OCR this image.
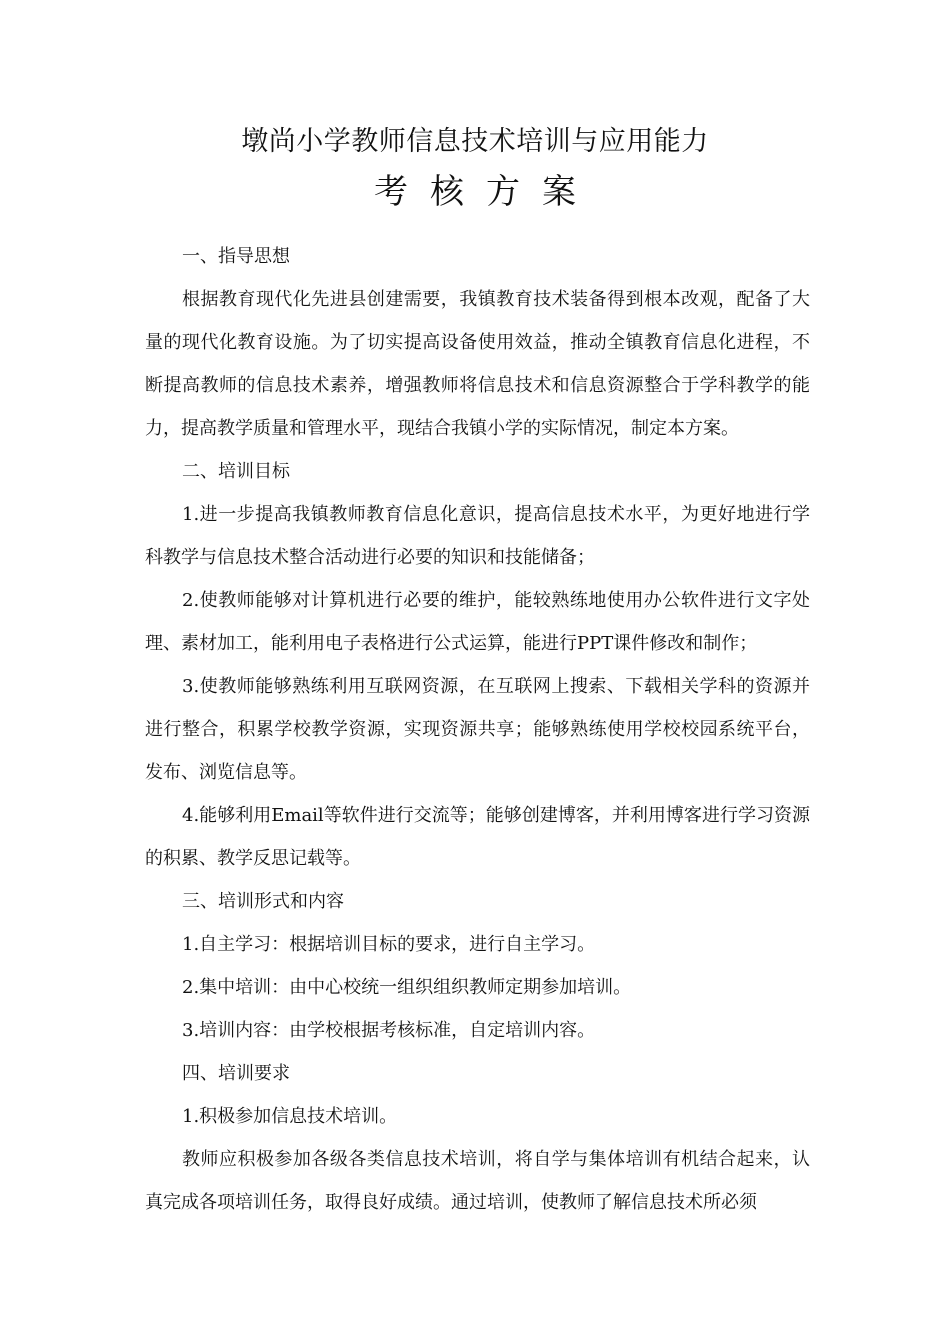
墩尚小学教师信息技术培训与应用能力
考核方案

一、指导思想

根据教育现代化先进县创建需要，我镇教育技术装备得到根本改观，配备了大量的现代化教育设施。为了切实提高设备使用效益，推动全镇教育信息化进程，不断提高教师的信息技术素养，增强教师将信息技术和信息资源整合于学科教学的能力，提高教学质量和管理水平，现结合我镇小学的实际情况，制定本方案。

二、培训目标

1.进一步提高我镇教师教育信息化意识，提高信息技术水平，为更好地进行学科教学与信息技术整合活动进行必要的知识和技能储备；

2.使教师能够对计算机进行必要的维护，能较熟练地使用办公软件进行文字处理、素材加工，能利用电子表格进行公式运算，能进行PPT课件修改和制作；

3.使教师能够熟练利用互联网资源，在互联网上搜索、下载相关学科的资源并进行整合，积累学校教学资源，实现资源共享；能够熟练使用学校校园系统平台，发布、浏览信息等。

4.能够利用Email等软件进行交流等；能够创建博客，并利用博客进行学习资源的积累、教学反思记载等。

三、培训形式和内容

1.自主学习：根据培训目标的要求，进行自主学习。

2.集中培训：由中心校统一组织组织教师定期参加培训。

3.培训内容：由学校根据考核标准，自定培训内容。

四、培训要求

1.积极参加信息技术培训。

教师应积极参加各级各类信息技术培训，将自学与集体培训有机结合起来，认真完成各项培训任务，取得良好成绩。通过培训，使教师了解信息技术所必须
